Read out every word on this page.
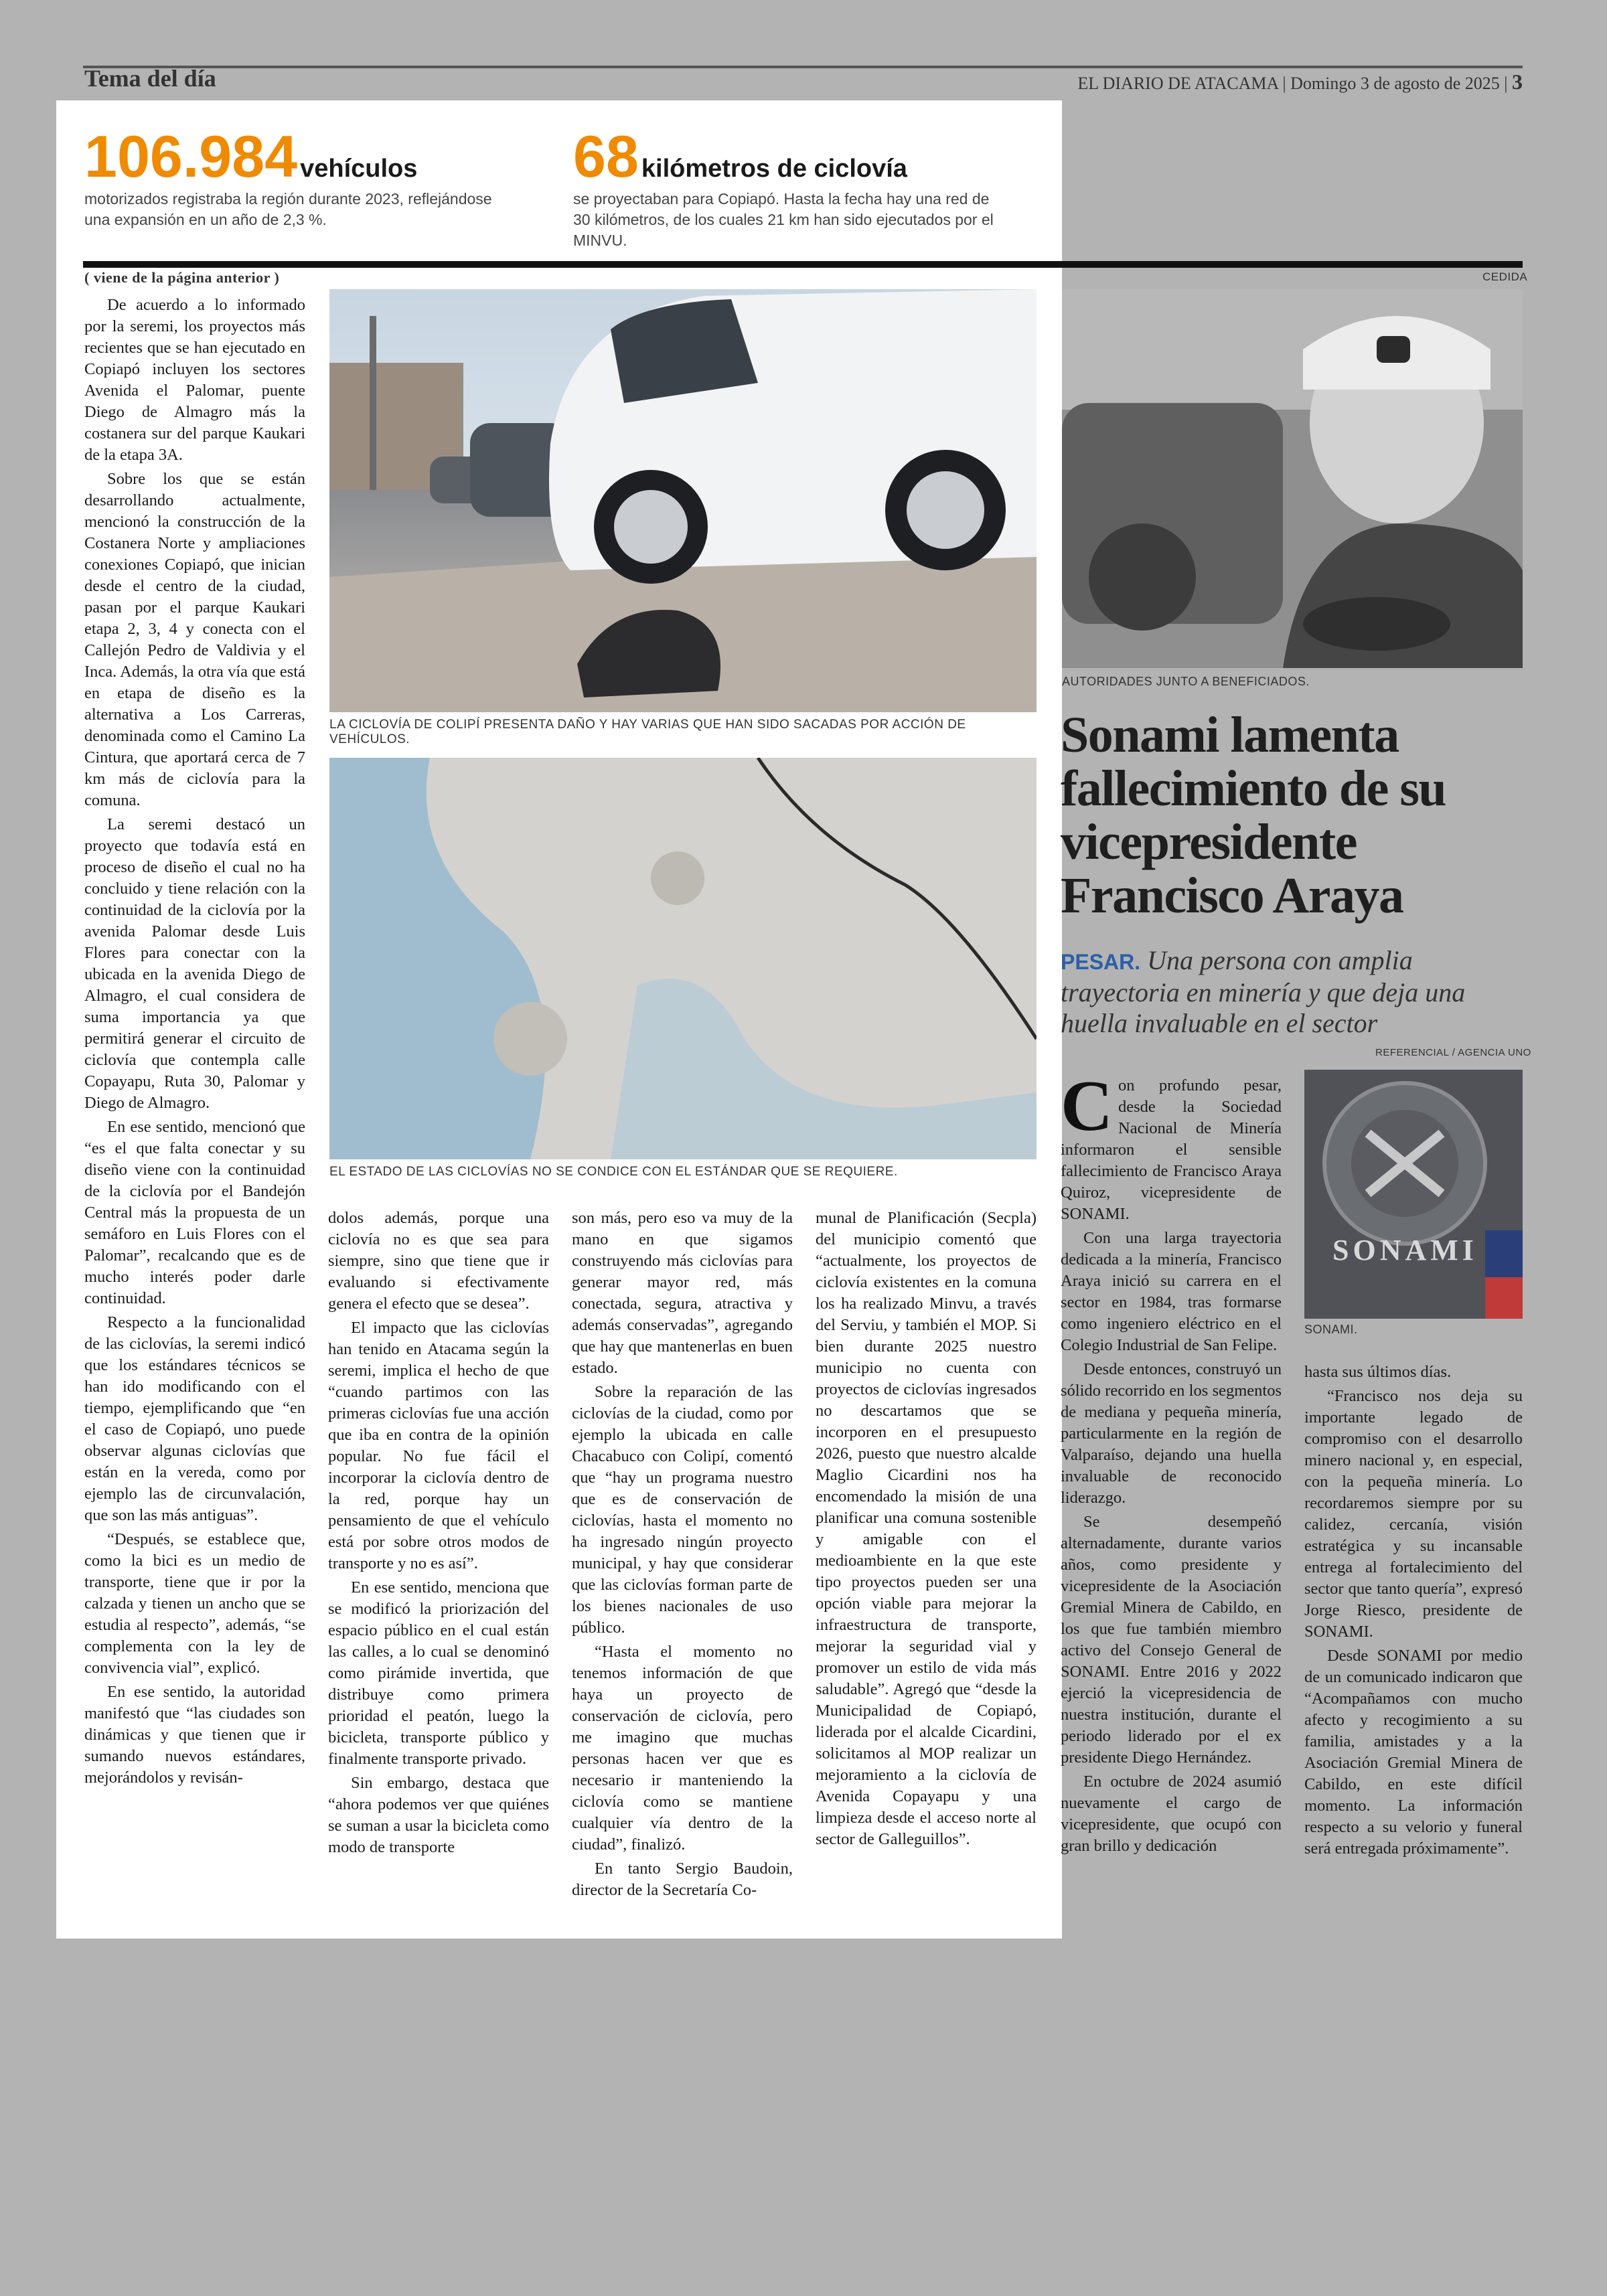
Tema del día	EL DIARIO DE ATACAMA | Domingo 3 de agosto de 2025 | 3
106.984 vehículos
motorizados registraba la región durante 2023, reflejándose
una expansión en un año de 2,3 %.
68 kilómetros de ciclovía
se proyectaban para Copiapó. Hasta la fecha hay una red de
30 kilómetros, de los cuales 21 km han sido ejecutados por el
MINVU.
( viene de la página anterior )	CEDIDA

De acuerdo a lo informado por la seremi, los proyectos más recientes que se han ejecutado en Copiapó incluyen los sectores Avenida el Palomar, puente Diego de Almagro más la costanera sur del parque Kaukari de la etapa 3A.

Sobre los que se están desarrollando actualmente, mencionó la construcción de la Costanera Norte y ampliaciones conexiones Copiapó, que inician desde el centro de la ciudad, pasan por el parque Kaukari etapa 2, 3, 4 y conecta con el Callejón Pedro de Valdivia y el Inca. Además, la otra vía que está en etapa de diseño es la alternativa a Los Carreras, denominada como el Camino La Cintura, que aportará cerca de 7 km más de ciclovía para la comuna.

La seremi destacó un proyecto que todavía está en proceso de diseño el cual no ha concluido y tiene relación con la continuidad de la ciclovía por la avenida Palomar desde Luis Flores para conectar con la ubicada en la avenida Diego de Almagro, el cual considera de suma importancia ya que permitirá generar el circuito de ciclovía que contempla calle Copayapu, Ruta 30, Palomar y Diego de Almagro.

En ese sentido, mencionó que “es el que falta conectar y su diseño viene con la continuidad de la ciclovía por el Bandejón Central más la propuesta de un semáforo en Luis Flores con el Palomar”, recalcando que es de mucho interés poder darle continuidad.

Respecto a la funcionalidad de las ciclovías, la seremi indicó que los estándares técnicos se han ido modificando con el tiempo, ejemplificando que “en el caso de Copiapó, uno puede observar algunas ciclovías que están en la vereda, como por ejemplo las de circunvalación, que son las más antiguas”.

“Después, se establece que, como la bici es un medio de transporte, tiene que ir por la calzada y tienen un ancho que se estudia al respecto”, además, “se complementa con la ley de convivencia vial”, explicó.

En ese sentido, la autoridad manifestó que “las ciudades son dinámicas y que tienen que ir sumando nuevos estándares, mejorándolos y revisán-

LA CICLOVÍA DE COLIPÍ PRESENTA DAÑO Y HAY VARIAS QUE HAN SIDO SACADAS POR ACCIÓN DE VEHÍCULOS.
EL ESTADO DE LAS CICLOVÍAS NO SE CONDICE CON EL ESTÁNDAR QUE SE REQUIERE.

dolos además, porque una ciclovía no es que sea para siempre, sino que tiene que ir evaluando si efectivamente genera el efecto que se desea”.

El impacto que las ciclovías han tenido en Atacama según la seremi, implica el hecho de que “cuando partimos con las primeras ciclovías fue una acción que iba en contra de la opinión popular. No fue fácil el incorporar la ciclovía dentro de la red, porque hay un pensamiento de que el vehículo está por sobre otros modos de transporte y no es así”.

En ese sentido, menciona que se modificó la priorización del espacio público en el cual están las calles, a lo cual se denominó como pirámide invertida, que distribuye como primera prioridad el peatón, luego la bicicleta, transporte público y finalmente transporte privado.

Sin embargo, destaca que “ahora podemos ver que quiénes se suman a usar la bicicleta como modo de transporte

son más, pero eso va muy de la mano en que sigamos construyendo más ciclovías para generar mayor red, más conectada, segura, atractiva y además conservadas”, agregando que hay que mantenerlas en buen estado.

Sobre la reparación de las ciclovías de la ciudad, como por ejemplo la ubicada en calle Chacabuco con Colipí, comentó que “hay un programa nuestro que es de conservación de ciclovías, hasta el momento no ha ingresado ningún proyecto municipal, y hay que considerar que las ciclovías forman parte de los bienes nacionales de uso público.

“Hasta el momento no tenemos información de que haya un proyecto de conservación de ciclovía, pero me imagino que muchas personas hacen ver que es necesario ir manteniendo la ciclovía como se mantiene cualquier vía dentro de la ciudad”, finalizó.

En tanto Sergio Baudoin, director de la Secretaría Co-

munal de Planificación (Secpla) del municipio comentó que “actualmente, los proyectos de ciclovía existentes en la comuna los ha realizado Minvu, a través del Serviu, y también el MOP. Si bien durante 2025 nuestro municipio no cuenta con proyectos de ciclovías ingresados no descartamos que se incorporen en el presupuesto 2026, puesto que nuestro alcalde Maglio Cicardini nos ha encomendado la misión de una planificar una comuna sostenible y amigable con el medioambiente en la que este tipo proyectos pueden ser una opción viable para mejorar la infraestructura de transporte, mejorar la seguridad vial y promover un estilo de vida más saludable”. Agregó que “desde la Municipalidad de Copiapó, liderada por el alcalde Cicardini, solicitamos al MOP realizar un mejoramiento a la ciclovía de Avenida Copayapu y una limpieza desde el acceso norte al sector de Galleguillos”.

AUTORIDADES JUNTO A BENEFICIADOS.
Sonami lamenta fallecimiento de su vicepresidente Francisco Araya
PESAR. Una persona con amplia trayectoria en minería y que deja una huella invaluable en el sector
REFERENCIAL / AGENCIA UNO
SONAMI
SONAMI.

Con profundo pesar, desde la Sociedad Nacional de Minería informaron el sensible fallecimiento de Francisco Araya Quiroz, vicepresidente de SONAMI.

Con una larga trayectoria dedicada a la minería, Francisco Araya inició su carrera en el sector en 1984, tras formarse como ingeniero eléctrico en el Colegio Industrial de San Felipe.

Desde entonces, construyó un sólido recorrido en los segmentos de mediana y pequeña minería, particularmente en la región de Valparaíso, dejando una huella invaluable de reconocido liderazgo.

Se desempeñó alternadamente, durante varios años, como presidente y vicepresidente de la Asociación Gremial Minera de Cabildo, en los que fue también miembro activo del Consejo General de SONAMI. Entre 2016 y 2022 ejerció la vicepresidencia de nuestra institución, durante el periodo liderado por el ex presidente Diego Hernández.

En octubre de 2024 asumió nuevamente el cargo de vicepresidente, que ocupó con gran brillo y dedicación

hasta sus últimos días.

“Francisco nos deja su importante legado de compromiso con el desarrollo minero nacional y, en especial, con la pequeña minería. Lo recordaremos siempre por su calidez, cercanía, visión estratégica y su incansable entrega al fortalecimiento del sector que tanto quería”, expresó Jorge Riesco, presidente de SONAMI.

Desde SONAMI por medio de un comunicado indicaron que “Acompañamos con mucho afecto y recogimiento a su familia, amistades y a la Asociación Gremial Minera de Cabildo, en este difícil momento. La información respecto a su velorio y funeral será entregada próximamente”.
